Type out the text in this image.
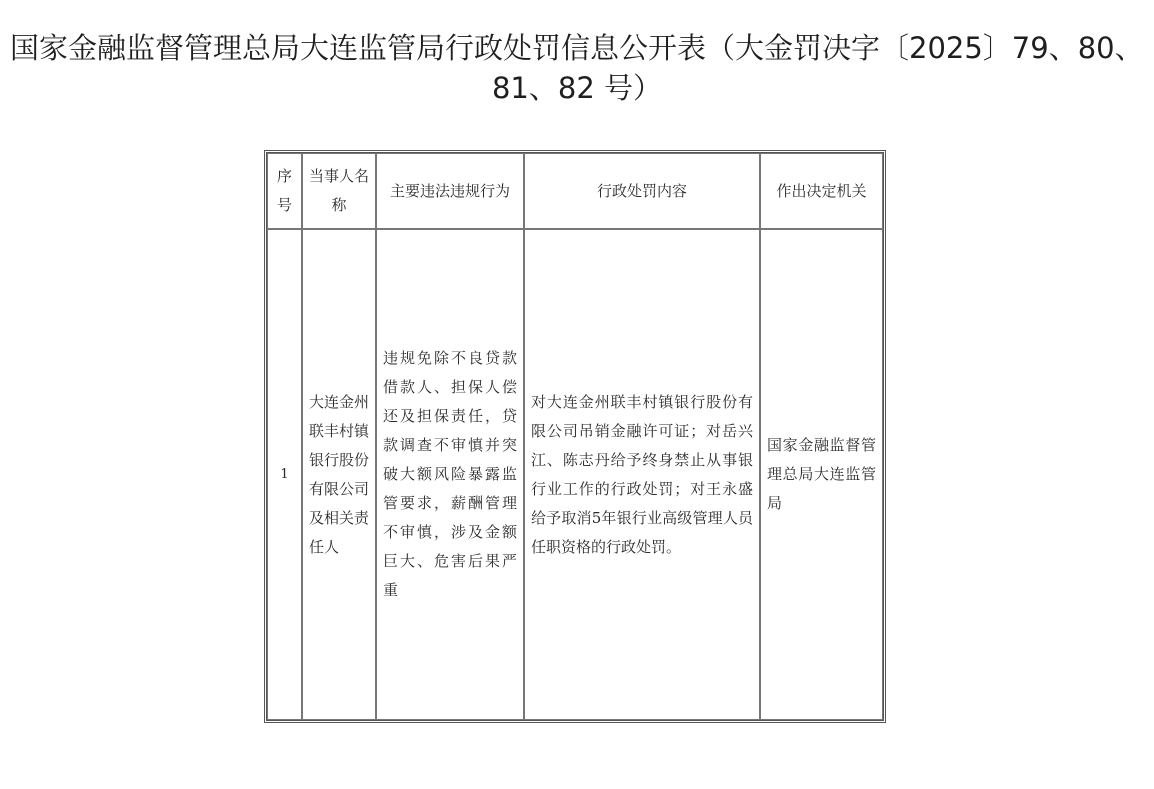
国家金融监督管理总局大连监管局行政处罚信息公开表（大金罚决字〔2025〕79、80、
81、82 号）
序号	当事人名称	主要违法违规行为	行政处罚内容	作出决定机关
1	大连金州联丰村镇银行股份有限公司及相关责任人	违规免除不良贷款借款人、担保人偿还及担保责任，贷款调查不审慎并突破大额风险暴露监管要求，薪酬管理不审慎，涉及金额巨大、危害后果严重	对大连金州联丰村镇银行股份有限公司吊销金融许可证；对岳兴江、陈志丹给予终身禁止从事银行业工作的行政处罚；对王永盛给予取消5年银行业高级管理人员任职资格的行政处罚。	国家金融监督管理总局大连监管局
